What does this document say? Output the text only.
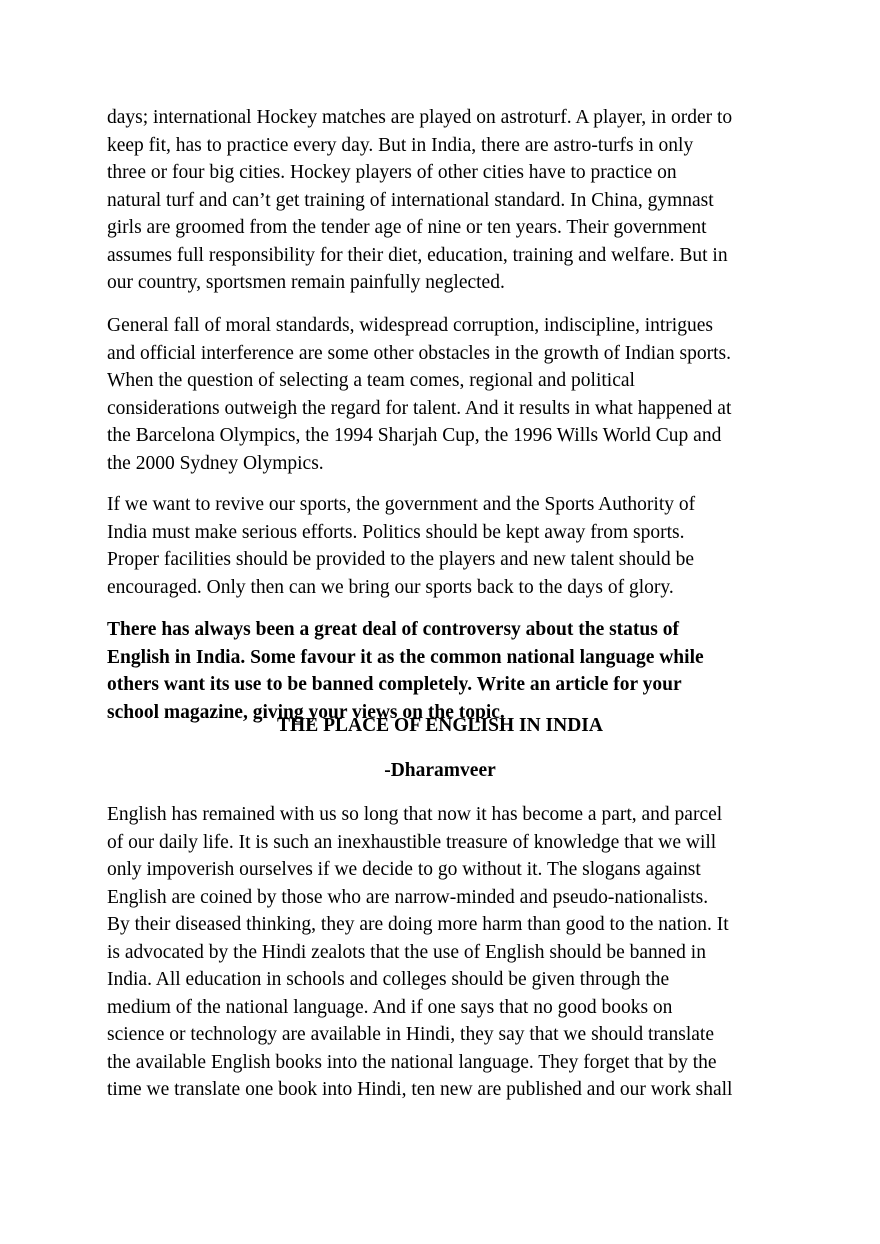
days; international Hockey matches are played on astroturf. A player, in order to
keep fit, has to practice every day. But in India, there are astro-turfs in only
three or four big cities. Hockey players of other cities have to practice on
natural turf and can’t get training of international standard. In China, gymnast
girls are groomed from the tender age of nine or ten years. Their government
assumes full responsibility for their diet, education, training and welfare. But in
our country, sportsmen remain painfully neglected.
General fall of moral standards, widespread corruption, indiscipline, intrigues
and official interference are some other obstacles in the growth of Indian sports.
When the question of selecting a team comes, regional and political
considerations outweigh the regard for talent. And it results in what happened at
the Barcelona Olympics, the 1994 Sharjah Cup, the 1996 Wills World Cup and
the 2000 Sydney Olympics.
If we want to revive our sports, the government and the Sports Authority of
India must make serious efforts. Politics should be kept away from sports.
Proper facilities should be provided to the players and new talent should be
encouraged. Only then can we bring our sports back to the days of glory.
There has always been a great deal of controversy about the status of
English in India. Some favour it as the common national language while
others want its use to be banned completely. Write an article for your
school magazine, giving your views on the topic.
THE PLACE OF ENGLISH IN INDIA
-Dharamveer
English has remained with us so long that now it has become a part, and parcel
of our daily life. It is such an inexhaustible treasure of knowledge that we will
only impoverish ourselves if we decide to go without it. The slogans against
English are coined by those who are narrow-minded and pseudo-nationalists.
By their diseased thinking, they are doing more harm than good to the nation. It
is advocated by the Hindi zealots that the use of English should be banned in
India. All education in schools and colleges should be given through the
medium of the national language. And if one says that no good books on
science or technology are available in Hindi, they say that we should translate
the available English books into the national language. They forget that by the
time we translate one book into Hindi, ten new are published and our work shall
